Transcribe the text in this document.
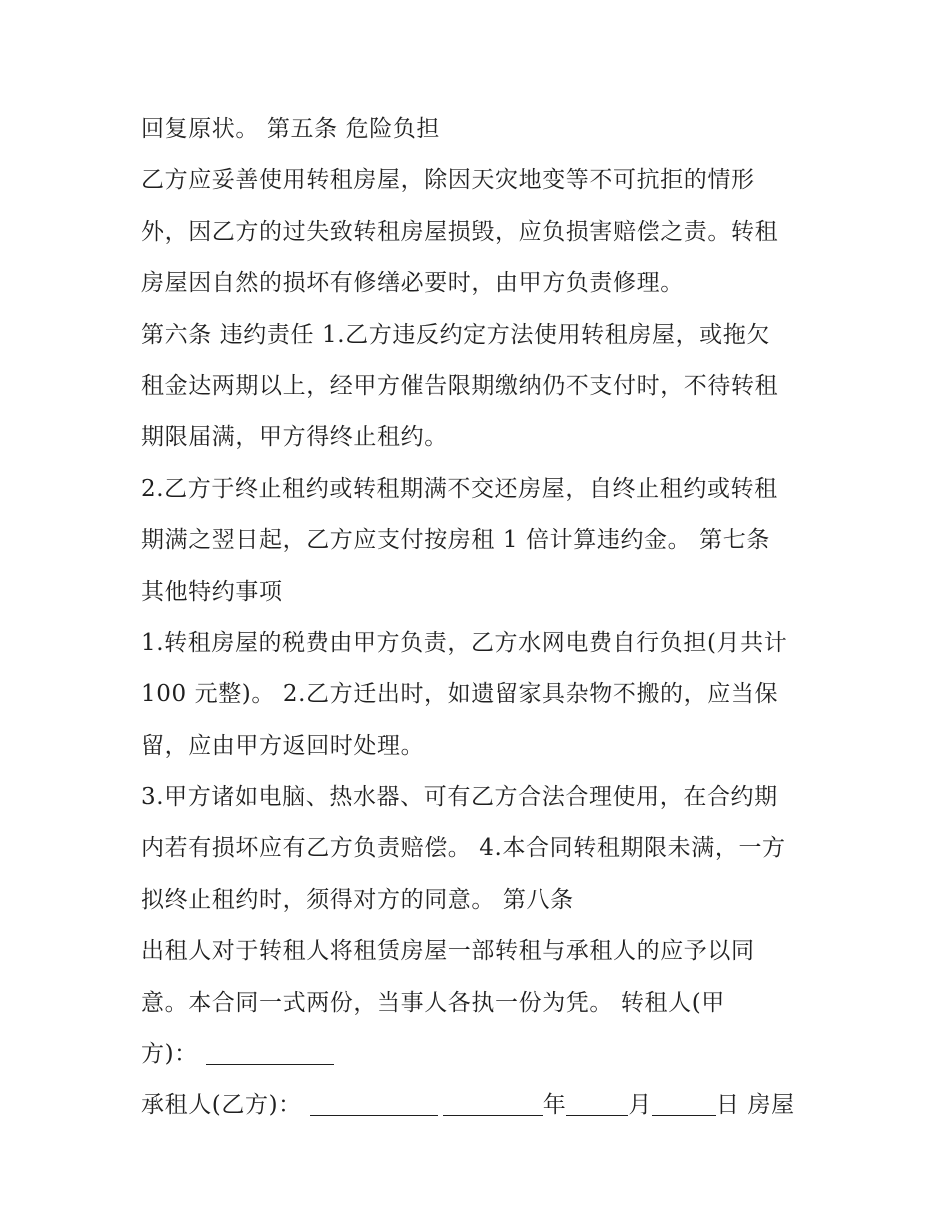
回复原状。 第五条 危险负担
乙方应妥善使用转租房屋，除因天灾地变等不可抗拒的情形
外，因乙方的过失致转租房屋损毁，应负损害赔偿之责。转租
房屋因自然的损坏有修缮必要时，由甲方负责修理。
第六条 违约责任 1.乙方违反约定方法使用转租房屋，或拖欠
租金达两期以上，经甲方催告限期缴纳仍不支付时，不待转租
期限届满，甲方得终止租约。
2.乙方于终止租约或转租期满不交还房屋，自终止租约或转租
期满之翌日起，乙方应支付按房租 1 倍计算违约金。 第七条
其他特约事项
1.转租房屋的税费由甲方负责，乙方水网电费自行负担(月共计
100 元整)。 2.乙方迁出时，如遗留家具杂物不搬的，应当保
留，应由甲方返回时处理。
3.甲方诸如电脑、热水器、可有乙方合法合理使用，在合约期
内若有损坏应有乙方负责赔偿。 4.本合同转租期限未满，一方
拟终止租约时，须得对方的同意。 第八条
出租人对于转租人将租赁房屋一部转租与承租人的应予以同
意。本合同一式两份，当事人各执一份为凭。 转租人(甲
方)：
承租人(乙方)：	年	月	日 房屋
